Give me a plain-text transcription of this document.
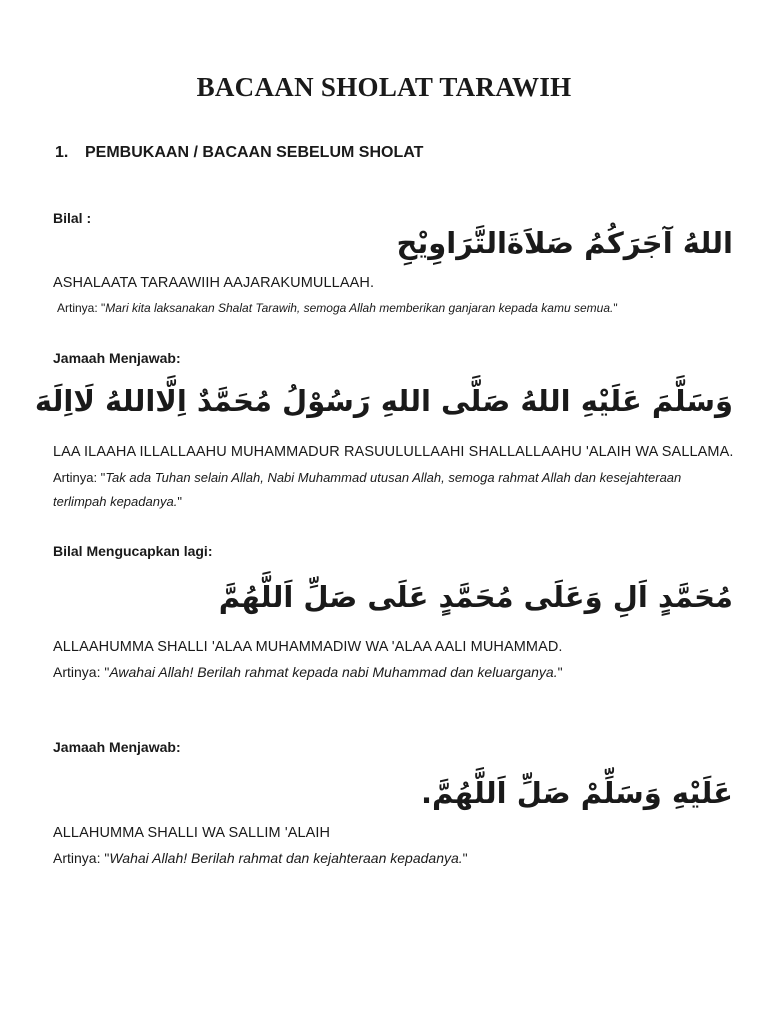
BACAAN SHOLAT TARAWIH
1. PEMBUKAAN / BACAAN SEBELUM SHOLAT
Bilal :
اللهُ آجَرَكُمُ صَلاَةَالتَّرَاوِيْحِ
ASHALAATA TARAAWIIH AAJARAKUMULLAAH.
Artinya: "Mari kita laksanakan Shalat Tarawih, semoga Allah memberikan ganjaran kepada kamu semua."
Jamaah Menjawab:
وَسَلَّمَ عَلَيْهِ اللهُ صَلَّى اللهِ رَسُوْلُ مُحَمَّدٌ اِلَّااللهُ لَااِلَهَ
LAA ILAAHA ILLALLAAHU MUHAMMADUR RASUULULLAAHI SHALLALLAAHU 'ALAIH WA SALLAMA.
Artinya: "Tak ada Tuhan selain Allah, Nabi Muhammad utusan Allah, semoga rahmat Allah dan kesejahteraan terlimpah kepadanya."
Bilal Mengucapkan lagi:
مُحَمَّدٍ اَلِ وَعَلَى مُحَمَّدٍ عَلَى صَلِّ اَللَّهُمَّ
ALLAAHUMMA SHALLI 'ALAA MUHAMMADIW WA 'ALAA AALI MUHAMMAD.
Artinya: "Awahai Allah! Berilah rahmat kepada nabi Muhammad dan keluarganya."
Jamaah Menjawab:
عَلَيْهِ وَسَلِّمْ صَلِّ اَللَّهُمَّ.
ALLAHUMMA SHALLI WA SALLIM 'ALAIH
Artinya: "Wahai Allah! Berilah rahmat dan kejahteraan kepadanya."
